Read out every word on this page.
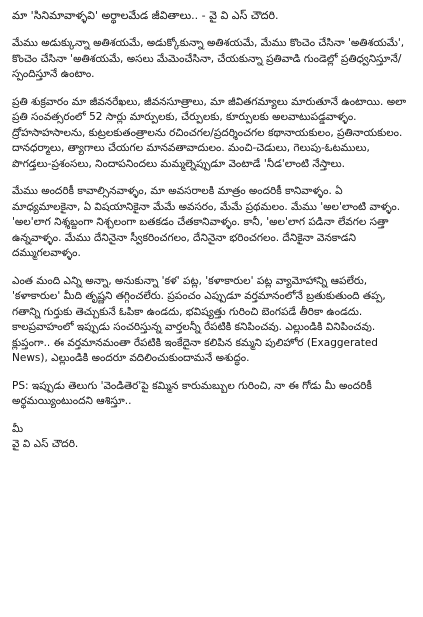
మా 'సినిమావాళ్ళవి' అర్థాలమేడ జీవితాలు.. - వై వి ఎస్ చౌదరి.

మేము అడుక్కున్నా అతిశయమే, అడుక్కోకున్నా అతిశయమే, మేము కొంచెం చేసినా 'అతిశయమే', కొంచెం చేసినా 'అతిశయమే, అసలు మేమెంచేసినా, చేయకున్నా ప్రతివాడి గుండెల్లో ప్రతిధ్వనిస్తూనే/స్పందిస్తూనే ఉంటాం.

ప్రతి శుక్రవారం మా జీవనరేఖలు, జీవనసూత్రాలు, మా జీవితగమ్యాలు మారుతూనే ఉంటాయి. అలా ప్రతి సంవత్సరంలో 52 సార్లు మార్పులకు, చేర్పులకు, కూర్పులకు అలవాటుపడ్డవాళ్ళం. ద్రోహసాహసాలను, కుట్రలకుతంత్రాలను రచించగల/ప్రదర్శించగల కథానాయకులం, ప్రతినాయకులం. దానధర్మాలు, త్యాగాలు చేయగల మానవతావాదులం. మంచి-చెడులు, గెలుపు-ఓటములు, పొగడ్తలు-ప్రశంసలు, నిందాపనిందలు మమ్మల్నెప్పుడూ వెంటాడే 'నీడ'లాంటి నేస్తాలు.

మేము అందరికీ కావాల్సినవాళ్ళం, మా అవసరాలకి మాత్రం అందరికీ కానివాళ్ళం. ఏ మాధ్యమాలకైనా, ఏ విషయానికైనా మేమే అవసరం, మేమే ప్రథమలం. మేము 'అల'లాంటి వాళ్ళం. 'అల'లాగ నిశ్శబ్దంగా నిశ్చలంగా బతకడం చేతకానివాళ్ళం. కానీ, 'అల'లాగ పడినా లేవగల సత్తా ఉన్నవాళ్ళం. మేము దేనినైనా స్వీకరించగలం, దేనినైనా భరించగలం. దేనికైనా వెనకాడని దమ్ముగలవాళ్ళం.

ఎంత మంది ఎన్ని అన్నా, అనుకున్నా 'కళ' పట్ల, 'కళాకారుల' పట్ల వ్యామోహాన్ని ఆపలేరు, 'కళాకారుల' మీది తృష్ణని తగ్గించలేరు. ప్రపంచం ఎప్పుడూ వర్తమానంలోనే బ్రతుకుతుంది తప్ప, గతాన్ని గుర్తుకు తెచ్చుకునే ఓపికా ఉండదు, భవిష్యత్తు గురించి బెంగపడే తీరికా ఉండదు. కాలప్రవాహంలో ఇప్పుడు సంచరిస్తున్న వార్తలన్నీ రేపటికి కనిపించవు. ఎల్లుండికి వినిపించవు. క్లుప్తంగా.. ఈ వర్తమానమంతా రేపటికి ఇంకేదైనా కలిపిన కమ్మని పులిహోర (Exaggerated News), ఎల్లుండికి అందరూ వదిలించుకుందామనే అశుద్ధం.

PS: ఇప్పుడు తెలుగు 'వెండితెర'పై కమ్మిన కారుమబ్బుల గురించి, నా ఈ గోడు మీ అందరికీ అర్థమయ్యింటుందని ఆశిస్తూ..

మీ

వై వి ఎస్ చౌదరి.
